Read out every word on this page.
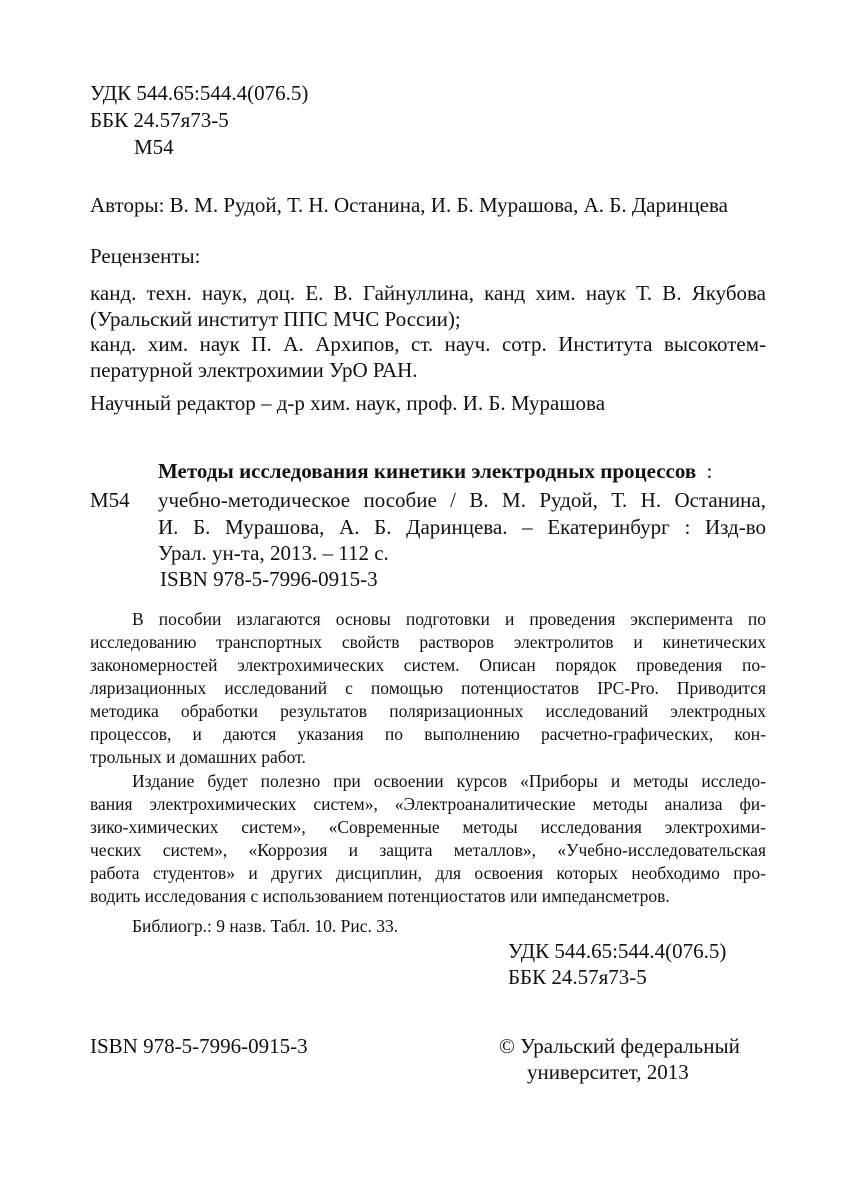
УДК 544.65:544.4(076.5)
ББК 24.57я73-5
М54
Авторы: В. М. Рудой, Т. Н. Останина, И. Б. Мурашова, А. Б. Даринцева
Рецензенты:
канд. техн. наук, доц. Е. В. Гайнуллина, канд хим. наук Т. В. Якубова
(Уральский институт ППС МЧС России);
канд. хим. наук П. А. Архипов, ст. науч. сотр. Института высокотем-
пературной электрохимии УрО РАН.
Научный редактор – д-р хим. наук, проф. И. Б. Мурашова
Методы исследования кинетики электродных процессов :
М54 учебно-методическое пособие / В. М. Рудой, Т. Н. Останина,
И. Б. Мурашова, А. Б. Даринцева. – Екатеринбург : Изд-во
Урал. ун-та, 2013. – 112 с.
ISBN 978-5-7996-0915-3
В пособии излагаются основы подготовки и проведения эксперимента по
исследованию транспортных свойств растворов электролитов и кинетических
закономерностей электрохимических систем. Описан порядок проведения по-
ляризационных исследований с помощью потенциостатов IPC-Pro. Приводится
методика обработки результатов поляризационных исследований электродных
процессов, и даются указания по выполнению расчетно-графических, кон-
трольных и домашних работ.
Издание будет полезно при освоении курсов «Приборы и методы исследо-
вания электрохимических систем», «Электроаналитические методы анализа фи-
зико-химических систем», «Современные методы исследования электрохими-
ческих систем», «Коррозия и защита металлов», «Учебно-исследовательская
работа студентов» и других дисциплин, для освоения которых необходимо про-
водить исследования с использованием потенциостатов или импедансметров.
Библиогр.: 9 назв. Табл. 10. Рис. 33.
УДК 544.65:544.4(076.5)
ББК 24.57я73-5
ISBN 978-5-7996-0915-3	© Уральский федеральный
университет, 2013
